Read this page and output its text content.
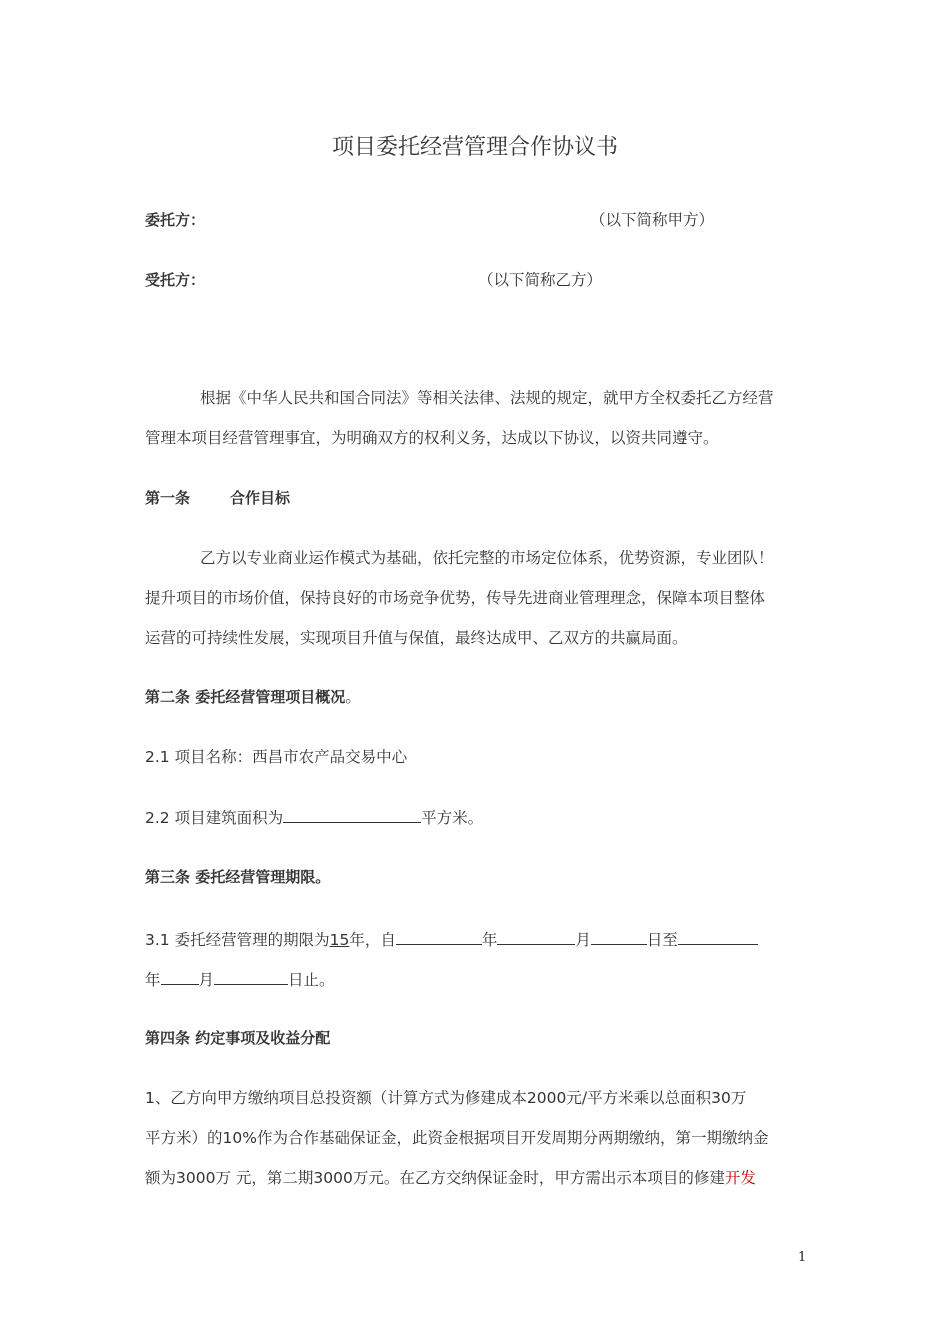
项目委托经营管理合作协议书
委托方：	（以下简称甲方）
受托方：	（以下简称乙方）
根据《中华人民共和国合同法》等相关法律、法规的规定，就甲方全权委托乙方经营
管理本项目经营管理事宜，为明确双方的权利义务，达成以下协议，以资共同遵守。
第一条	合作目标
乙方以专业商业运作模式为基础，依托完整的市场定位体系，优势资源，专业团队！
提升项目的市场价值，保持良好的市场竞争优势，传导先进商业管理理念，保障本项目整体
运营的可持续性发展，实现项目升值与保值，最终达成甲、乙双方的共赢局面。
第二条 委托经营管理项目概况。
2.1 项目名称：西昌市农产品交易中心
2.2 项目建筑面积为	平方米。
第三条 委托经营管理期限。
3.1 委托经营管理的期限为15年，自	年	月	日至
年 月	日止。
第四条 约定事项及收益分配
1、乙方向甲方缴纳项目总投资额（计算方式为修建成本2000元/平方米乘以总面积30万
平方米）的10%作为合作基础保证金，此资金根据项目开发周期分两期缴纳，第一期缴纳金
额为3000万 元，第二期3000万元。在乙方交纳保证金时，甲方需出示本项目的修建开发
1
